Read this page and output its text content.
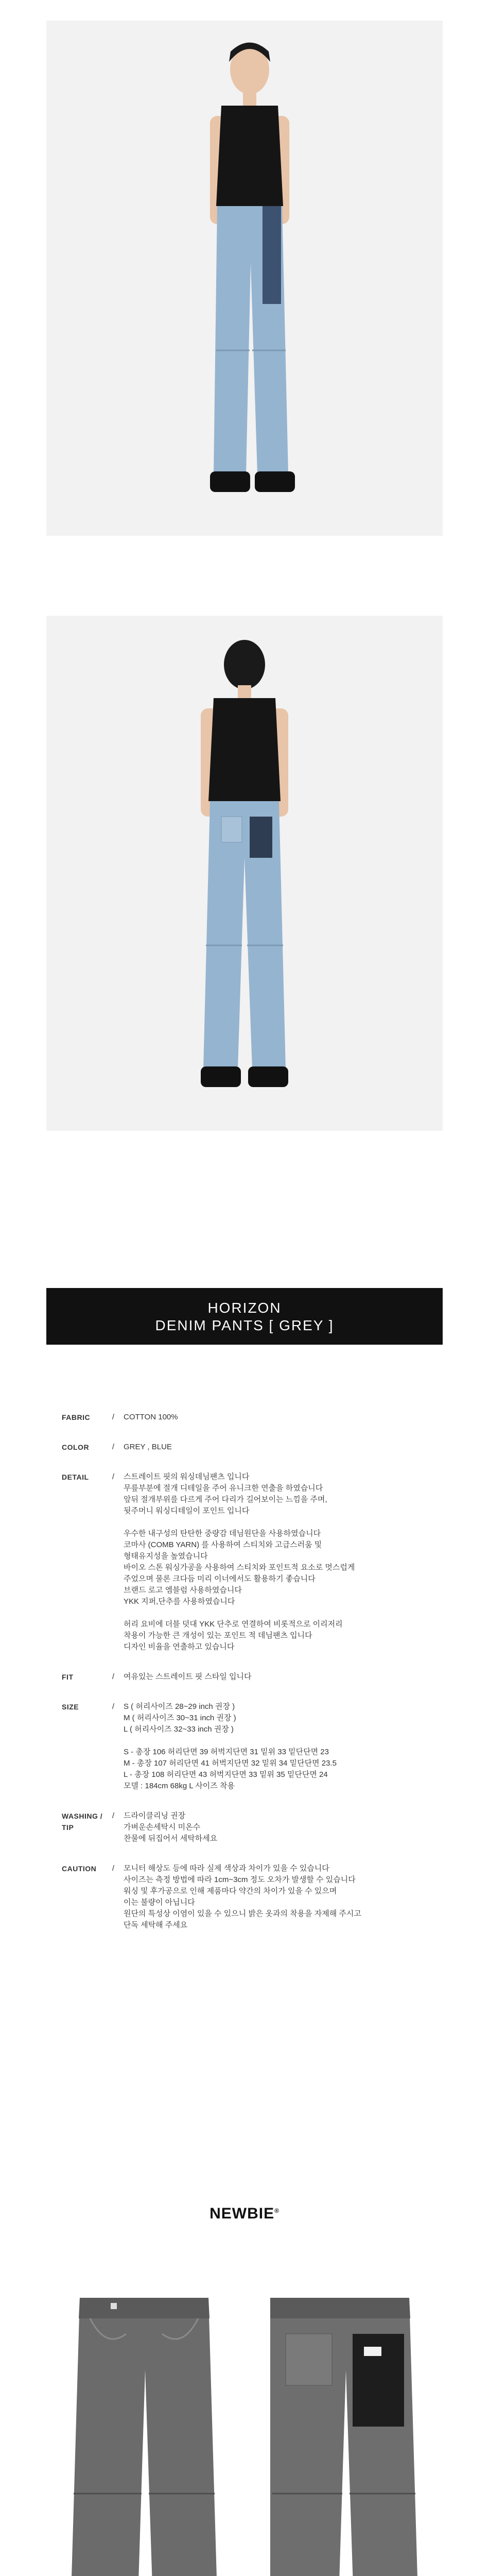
HORIZON
DENIM PANTS [ GREY ]
FABRIC	/	COTTON 100%
COLOR	/	GREY , BLUE
DETAIL	/	스트레이트 핏의 워싱데님팬츠 입니다

무릎부분에 절개 디테일을 주어 유니크한 연출을 하였습니다

앞뒤 절개부위를 다르게 주어 다리가 길어보이는 느낌을 주며,

뒷주머니 워싱디테일이 포인트 입니다

우수한 내구성의 탄탄한 중량감 데님원단을 사용하였습니다

코마사 (COMB YARN) 를 사용하여 스티치와 고급스러움 및

형태유지성을 높였습니다

바이오 스톤 워싱가공을 사용하여 스티치와 포인트적 요소로 멋스럽게

주었으며 물론 크다듬 미리 이너에서도 활용하기 좋습니다

브랜드 로고 엠블럼 사용하였습니다

YKK 지퍼,단추를 사용하였습니다

허리 요비에 더블 덧대 YKK 단추로 연결하여 비롯적으로 이리저리

착용이 가능한 큰 개성이 있는 포인트 적 데님팬츠 입니다

디자인 비율을 연출하고 있습니다

FIT	/	여유있는 스트레이트 핏 스타일 입니다
SIZE	/	S ( 허리사이즈 28~29 inch 권장 )

M ( 허리사이즈 30~31 inch 권장 )

L ( 허리사이즈 32~33 inch 권장 )

S - 총장 106 허리단면 39 허벅지단면 31 밑위 33 밑단단면 23

M - 총장 107 허리단면 41 허벅지단면 32 밑위 34 밑단단면 23.5

L - 총장 108 허리단면 43 허벅지단면 33 밑위 35 밑단단면 24

모델 : 184cm 68kg L 사이즈 착용

WASHING / TIP
/	드라이클리닝 권장

가벼운손세탁시 미온수

찬물에 뒤집어서 세탁하세요

CAUTION	/	모니터 해상도 등에 따라 실제 색상과 차이가 있을 수 있습니다

사이즈는 측정 방법에 따라 1cm~3cm 정도 오차가 발생할 수 있습니다

워싱 및 후가공으로 인해 제품마다 약간의 차이가 있을 수 있으며

이는 불량이 아닙니다

원단의 특성상 이염이 있을 수 있으니 밝은 옷과의 착용을 자제해 주시고

단독 세탁해 주세요

NEWBIE®
